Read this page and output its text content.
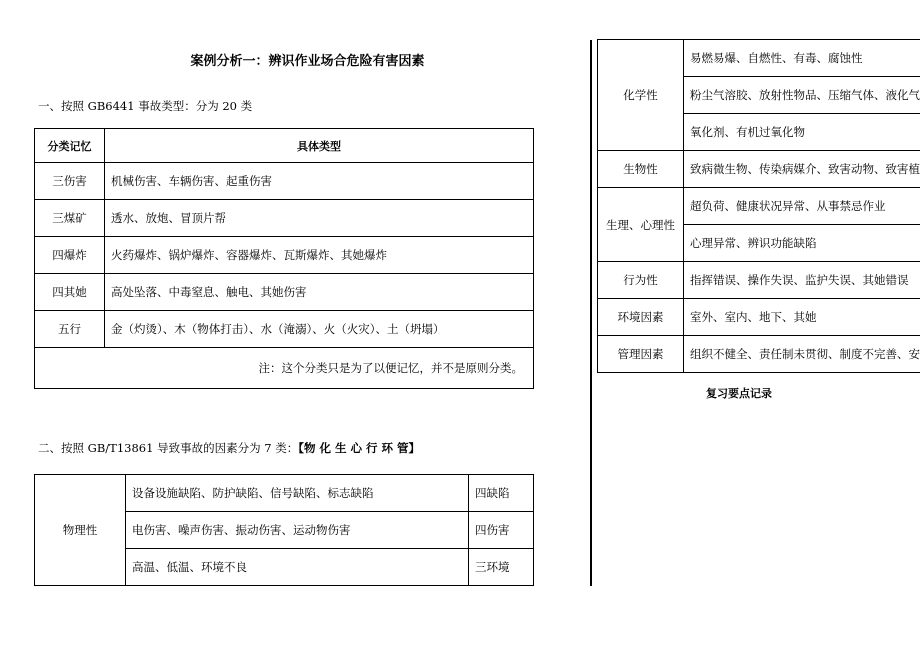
案例分析一：辨识作业场合危险有害因素
一、按照 GB6441 事故类型：分为 20 类
分类记忆	具体类型
三伤害	机械伤害、车辆伤害、起重伤害
三煤矿	透水、放炮、冒顶片帮
四爆炸	火药爆炸、锅炉爆炸、容器爆炸、瓦斯爆炸、其她爆炸
四其她	高处坠落、中毒窒息、触电、其她伤害
五行	金（灼烫）、木（物体打击）、水（淹溺）、火（火灾）、土（坍塌）
注：这个分类只是为了以便记忆，并不是原则分类。	
二、按照 GB/T13861 导致事故的因素分为 7 类：【物 化 生 心 行 环 管】
物理性	设备设施缺陷、防护缺陷、信号缺陷、标志缺陷	四缺陷
	电伤害、噪声伤害、振动伤害、运动物伤害	四伤害
	高温、低温、环境不良	三环境
化学性	易燃易爆、自燃性、有毒、腐蚀性
	粉尘气溶胶、放射性物品、压缩气体、液化气
	氧化剂、有机过氧化物
生物性	致病微生物、传染病媒介、致害动物、致害植
生理、心理性	超负荷、健康状况异常、从事禁忌作业
	心理异常、辨识功能缺陷
行为性	指挥错误、操作失误、监护失误、其她错误
环境因素	室外、室内、地下、其她
管理因素	组织不健全、责任制未贯彻、制度不完善、安
复习要点记录
